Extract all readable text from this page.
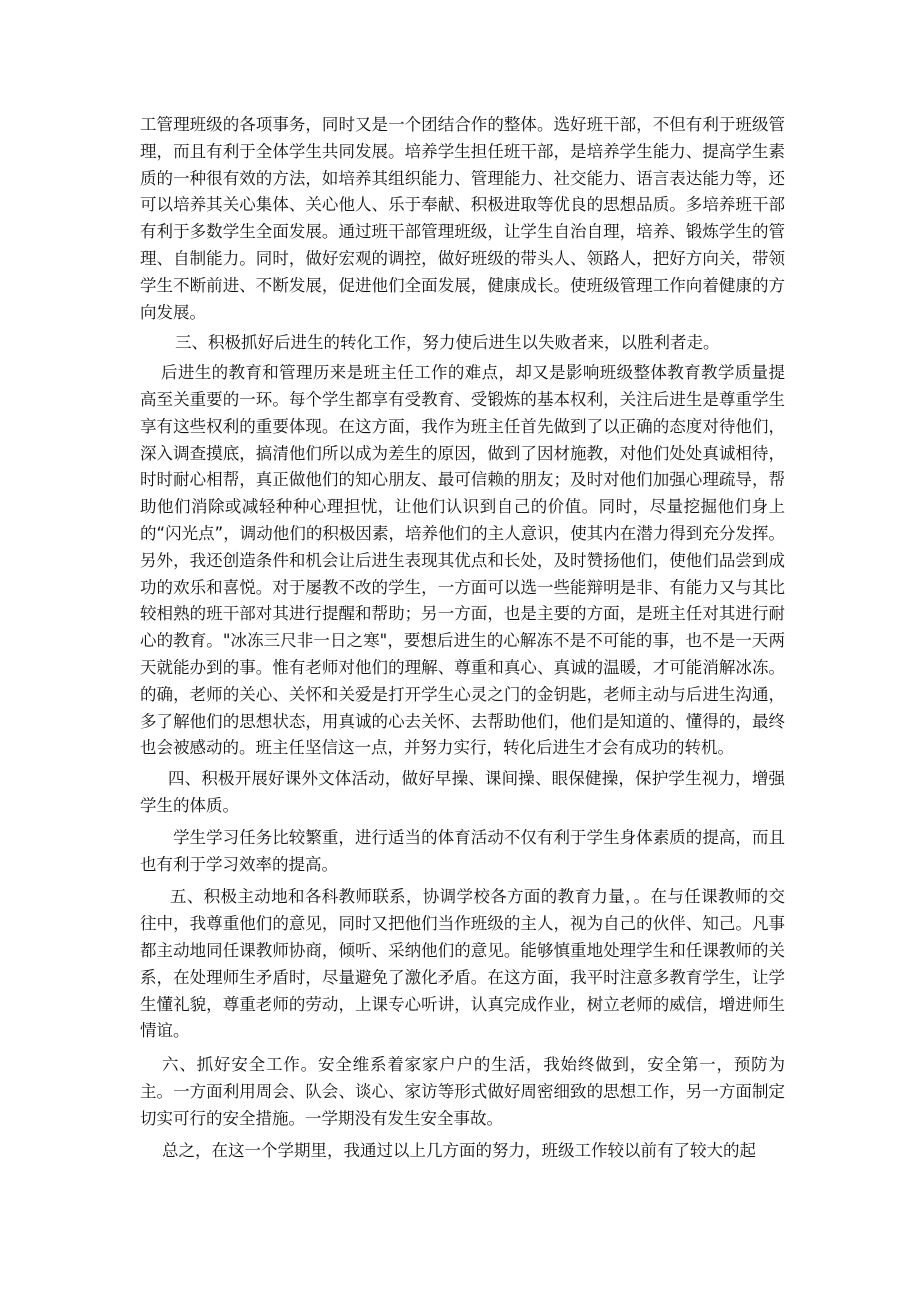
工管理班级的各项事务，同时又是一个团结合作的整体。选好班干部，不但有利于班级管理，而且有利于全体学生共同发展。培养学生担任班干部，是培养学生能力、提高学生素质的一种很有效的方法，如培养其组织能力、管理能力、社交能力、语言表达能力等，还可以培养其关心集体、关心他人、乐于奉献、积极进取等优良的思想品质。多培养班干部有利于多数学生全面发展。通过班干部管理班级，让学生自治自理，培养、锻炼学生的管理、自制能力。同时，做好宏观的调控，做好班级的带头人、领路人，把好方向关，带领学生不断前进、不断发展，促进他们全面发展，健康成长。使班级管理工作向着健康的方向发展。

三、积极抓好后进生的转化工作，努力使后进生以失败者来，以胜利者走。

后进生的教育和管理历来是班主任工作的难点，却又是影响班级整体教育教学质量提高至关重要的一环。每个学生都享有受教育、受锻炼的基本权利，关注后进生是尊重学生享有这些权利的重要体现。在这方面，我作为班主任首先做到了以正确的态度对待他们，深入调查摸底，搞清他们所以成为差生的原因，做到了因材施教，对他们处处真诚相待，时时耐心相帮，真正做他们的知心朋友、最可信赖的朋友；及时对他们加强心理疏导，帮助他们消除或减轻种种心理担忧，让他们认识到自己的价值。同时，尽量挖掘他们身上的“闪光点”，调动他们的积极因素，培养他们的主人意识，使其内在潜力得到充分发挥。另外，我还创造条件和机会让后进生表现其优点和长处，及时赞扬他们，使他们品尝到成功的欢乐和喜悦。对于屡教不改的学生，一方面可以选一些能辩明是非、有能力又与其比较相熟的班干部对其进行提醒和帮助；另一方面，也是主要的方面，是班主任对其进行耐心的教育。"冰冻三尺非一日之寒"，要想后进生的心解冻不是不可能的事，也不是一天两天就能办到的事。惟有老师对他们的理解、尊重和真心、真诚的温暖，才可能消解冰冻。的确，老师的关心、关怀和关爱是打开学生心灵之门的金钥匙，老师主动与后进生沟通，多了解他们的思想状态，用真诚的心去关怀、去帮助他们，他们是知道的、懂得的，最终也会被感动的。班主任坚信这一点，并努力实行，转化后进生才会有成功的转机。

四、积极开展好课外文体活动，做好早操、课间操、眼保健操，保护学生视力，增强学生的体质。

学生学习任务比较繁重，进行适当的体育活动不仅有利于学生身体素质的提高，而且也有利于学习效率的提高。

五、积极主动地和各科教师联系，协调学校各方面的教育力量，。在与任课教师的交往中，我尊重他们的意见，同时又把他们当作班级的主人，视为自己的伙伴、知己。凡事都主动地同任课教师协商，倾听、采纳他们的意见。能够慎重地处理学生和任课教师的关系，在处理师生矛盾时，尽量避免了激化矛盾。在这方面，我平时注意多教育学生，让学生懂礼貌，尊重老师的劳动，上课专心听讲，认真完成作业，树立老师的威信，增进师生情谊。

六、抓好安全工作。安全维系着家家户户的生活，我始终做到，安全第一，预防为主。一方面利用周会、队会、谈心、家访等形式做好周密细致的思想工作，另一方面制定切实可行的安全措施。一学期没有发生安全事故。

总之，在这一个学期里，我通过以上几方面的努力，班级工作较以前有了较大的起
